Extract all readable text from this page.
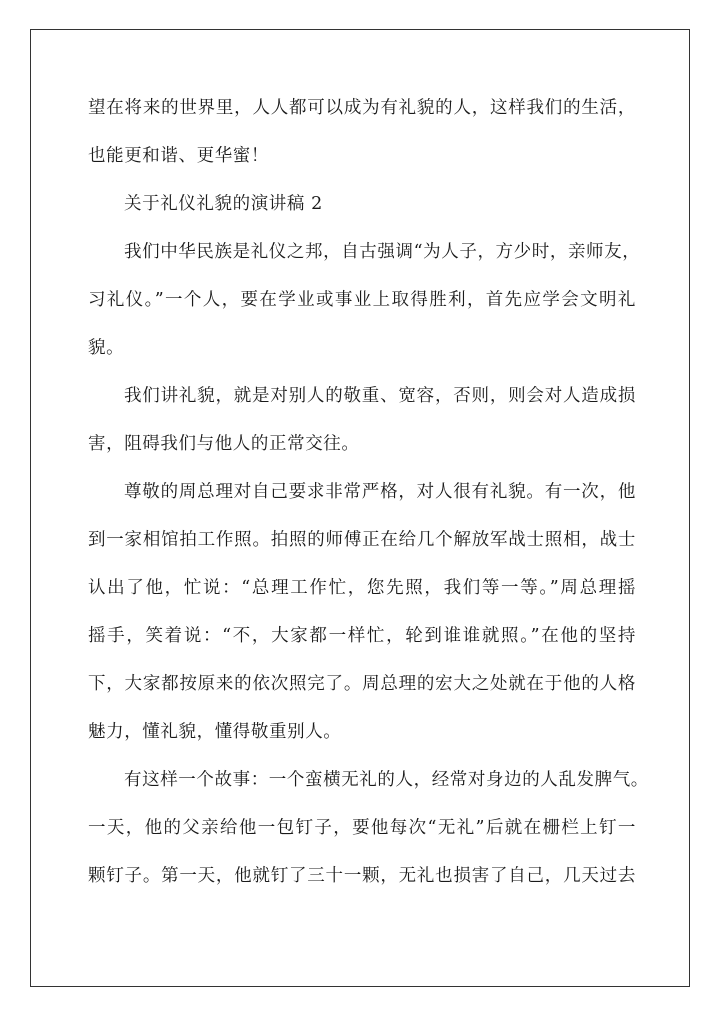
望在将来的世界里，人人都可以成为有礼貌的人，这样我们的生活，
也能更和谐、更华蜜！
关于礼仪礼貌的演讲稿 2
我们中华民族是礼仪之邦，自古强调“为人子，方少时，亲师友，
习礼仪。”一个人，要在学业或事业上取得胜利，首先应学会文明礼
貌。
我们讲礼貌，就是对别人的敬重、宽容，否则，则会对人造成损
害，阻碍我们与他人的正常交往。
尊敬的周总理对自己要求非常严格，对人很有礼貌。有一次，他
到一家相馆拍工作照。拍照的师傅正在给几个解放军战士照相，战士
认出了他，忙说：“总理工作忙，您先照，我们等一等。”周总理摇
摇手，笑着说：“不，大家都一样忙，轮到谁谁就照。”在他的坚持
下，大家都按原来的依次照完了。周总理的宏大之处就在于他的人格
魅力，懂礼貌，懂得敬重别人。
有这样一个故事：一个蛮横无礼的人，经常对身边的人乱发脾气。
一天，他的父亲给他一包钉子，要他每次“无礼”后就在栅栏上钉一
颗钉子。第一天，他就钉了三十一颗，无礼也损害了自己，几天过去
